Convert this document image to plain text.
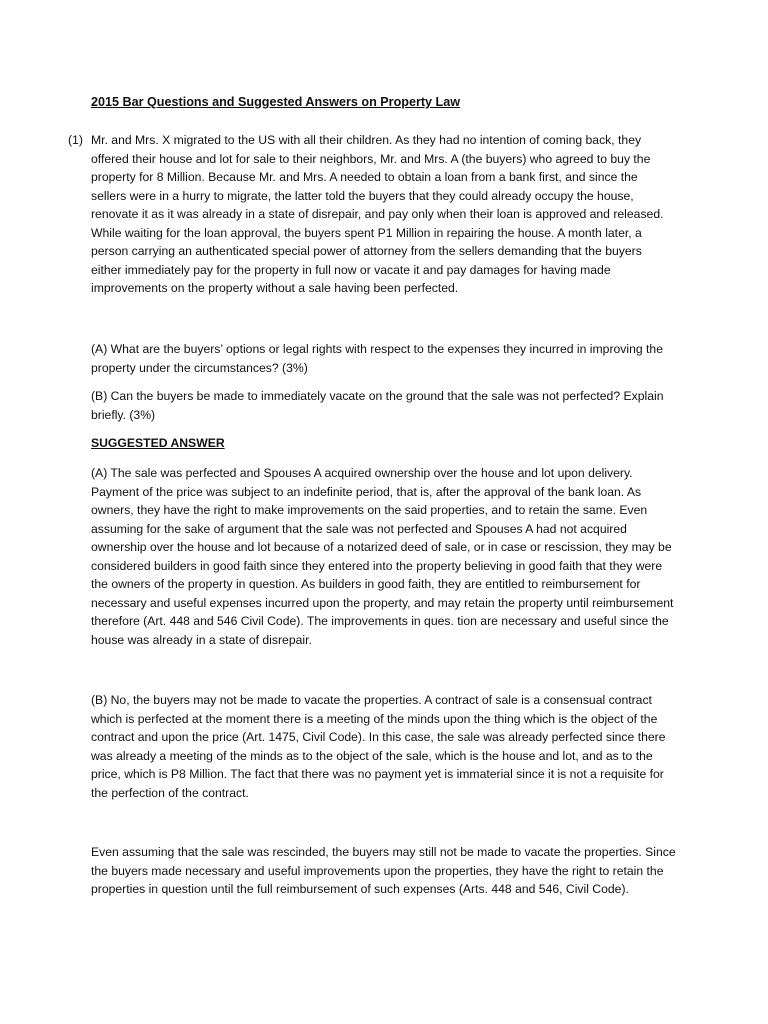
2015 Bar Questions and Suggested Answers on Property Law
(1) Mr. and Mrs. X migrated to the US with all their children. As they had no intention of coming back, they offered their house and lot for sale to their neighbors, Mr. and Mrs. A (the buyers) who agreed to buy the property for 8 Million. Because Mr. and Mrs. A needed to obtain a loan from a bank first, and since the sellers were in a hurry to migrate, the latter told the buyers that they could already occupy the house, renovate it as it was already in a state of disrepair, and pay only when their loan is approved and released. While waiting for the loan approval, the buyers spent P1 Million in repairing the house. A month later, a person carrying an authenticated special power of attorney from the sellers demanding that the buyers either immediately pay for the property in full now or vacate it and pay damages for having made improvements on the property without a sale having been perfected.

(A) What are the buyers’ options or legal rights with respect to the expenses they incurred in improving the property under the circumstances? (3%)

(B) Can the buyers be made to immediately vacate on the ground that the sale was not perfected? Explain briefly. (3%)

SUGGESTED ANSWER

(A) The sale was perfected and Spouses A acquired ownership over the house and lot upon delivery. Payment of the price was subject to an indefinite period, that is, after the approval of the bank loan. As owners, they have the right to make improvements on the said properties, and to retain the same. Even assuming for the sake of argument that the sale was not perfected and Spouses A had not acquired ownership over the house and lot because of a notarized deed of sale, or in case or rescission, they may be considered builders in good faith since they entered into the property believing in good faith that they were the owners of the property in question. As builders in good faith, they are entitled to reimbursement for necessary and useful expenses incurred upon the property, and may retain the property until reimbursement therefore (Art. 448 and 546 Civil Code). The improvements in ques. tion are necessary and useful since the house was already in a state of disrepair.

(B) No, the buyers may not be made to vacate the properties. A contract of sale is a consensual contract which is perfected at the moment there is a meeting of the minds upon the thing which is the object of the contract and upon the price (Art. 1475, Civil Code). In this case, the sale was already perfected since there was already a meeting of the minds as to the object of the sale, which is the house and lot, and as to the price, which is P8 Million. The fact that there was no payment yet is immaterial since it is not a requisite for the perfection of the contract.

Even assuming that the sale was rescinded, the buyers may still not be made to vacate the properties. Since the buyers made necessary and useful improvements upon the properties, they have the right to retain the properties in question until the full reimbursement of such expenses (Arts. 448 and 546, Civil Code).
